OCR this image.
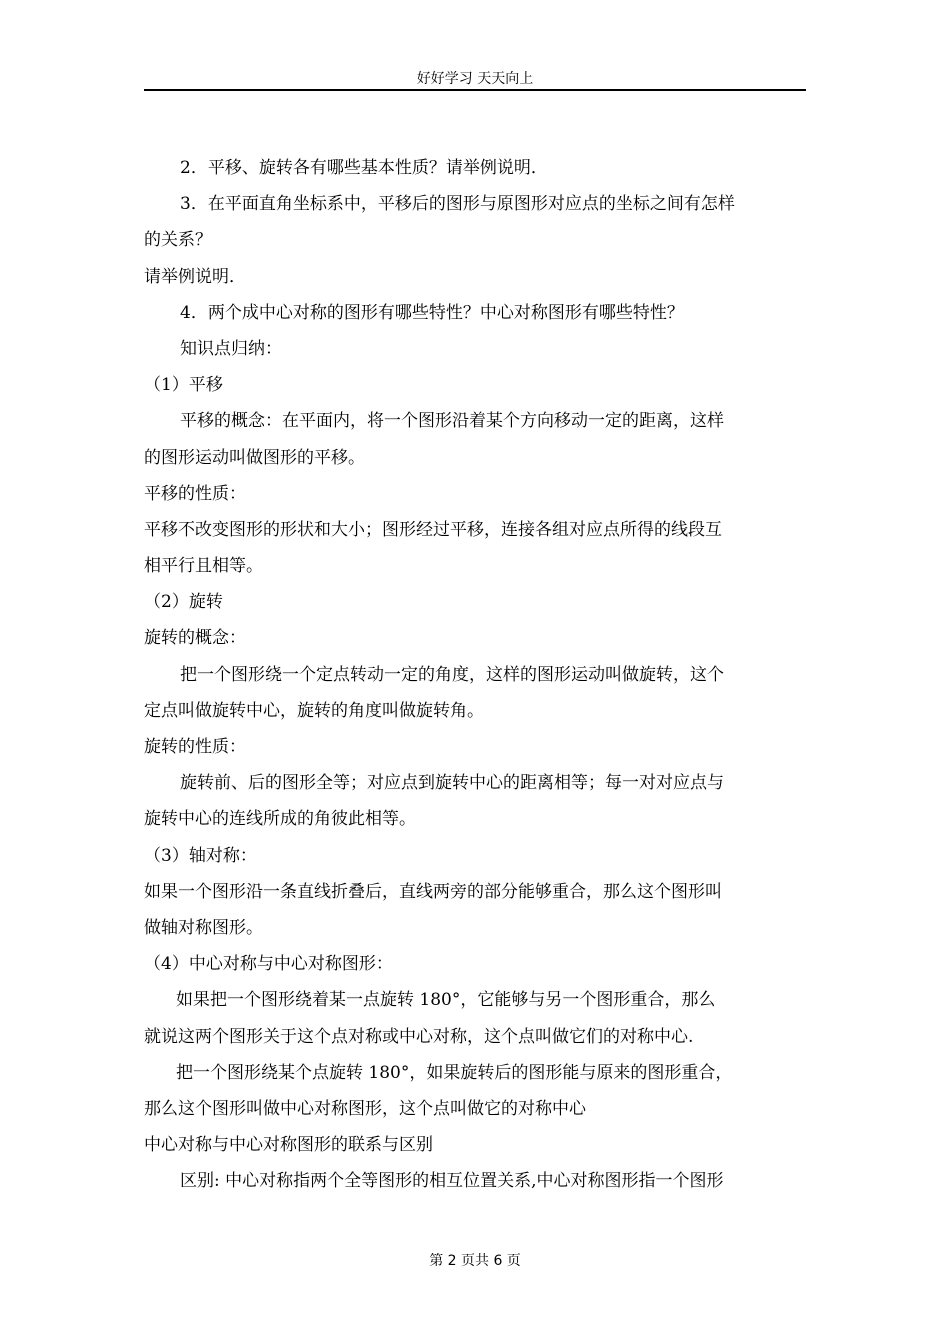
好好学习 天天向上
2．平移、旋转各有哪些基本性质？请举例说明．
3．在平面直角坐标系中，平移后的图形与原图形对应点的坐标之间有怎样
的关系？
请举例说明．
4．两个成中心对称的图形有哪些特性？中心对称图形有哪些特性？
知识点归纳：
（1）平移
平移的概念：在平面内，将一个图形沿着某个方向移动一定的距离，这样
的图形运动叫做图形的平移。
平移的性质：
平移不改变图形的形状和大小；图形经过平移，连接各组对应点所得的线段互
相平行且相等。
（2）旋转
旋转的概念：
把一个图形绕一个定点转动一定的角度，这样的图形运动叫做旋转，这个
定点叫做旋转中心，旋转的角度叫做旋转角。
旋转的性质：
旋转前、后的图形全等；对应点到旋转中心的距离相等；每一对对应点与
旋转中心的连线所成的角彼此相等。
（3）轴对称：
如果一个图形沿一条直线折叠后，直线两旁的部分能够重合，那么这个图形叫
做轴对称图形。
（4）中心对称与中心对称图形：
如果把一个图形绕着某一点旋转 180°，它能够与另一个图形重合，那么
就说这两个图形关于这个点对称或中心对称，这个点叫做它们的对称中心.
把一个图形绕某个点旋转 180°，如果旋转后的图形能与原来的图形重合，
那么这个图形叫做中心对称图形，这个点叫做它的对称中心
中心对称与中心对称图形的联系与区别
区别: 中心对称指两个全等图形的相互位置关系,中心对称图形指一个图形
第 2 页共 6 页
